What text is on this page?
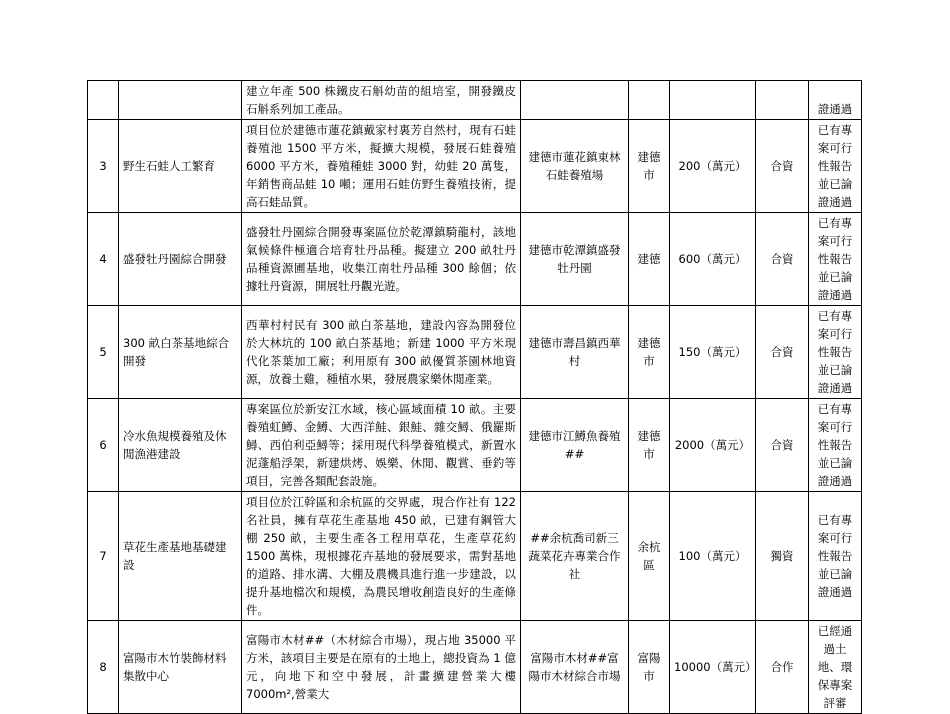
		建立年產 500 株鐵皮石斛幼苗的組培室，開發鐵皮石斛系列加工產品。					證通過
3	野生石蛙人工繁育	項目位於建德市蓮花鎮戴家村裏芳自然村，現有石蛙養殖池 1500 平方米，擬擴大規模，發展石蛙養殖 6000 平方米，養殖種蛙 3000 對，幼蛙 20 萬隻，年銷售商品蛙 10 噸；運用石蛙仿野生養殖技術，提高石蛙品質。	建德市蓮花鎮東林石蛙養殖場	建德市	200（萬元）	合資	已有專案可行性報告並已論證通過
4	盛發牡丹園綜合開發	盛發牡丹園綜合開發專案區位於乾潭鎮騎龍村，該地氣候條件極適合培育牡丹品種。擬建立 200 畝牡丹品種資源圃基地，收集江南牡丹品種 300 餘個；依據牡丹資源，開展牡丹觀光遊。	建德市乾潭鎮盛發牡丹園	建德	600（萬元）	合資	已有專案可行性報告並已論證通過
5	300 畝白茶基地綜合開發	西華村村民有 300 畝白茶基地，建設內容為開發位於大林坑的 100 畝白茶基地；新建 1000 平方米現代化茶葉加工廠；利用原有 300 畝優質茶園林地資源，放養土雞，種植水果，發展農家樂休閒產業。	建德市壽昌鎮西華村	建德市	150（萬元）	合資	已有專案可行性報告並已論證通過
6	冷水魚規模養殖及休閒漁港建設	專案區位於新安江水域，核心區域面積 10 畝。主要養殖虹鱒、金鱒、大西洋鮭、銀鮭、雜交鱘、俄羅斯鱘、西伯利亞鱘等；採用現代科學養殖模式，新置水泥蓬船浮架，新建烘烤、娛樂、休閒、觀賞、垂釣等項目，完善各類配套設施。	建德市江鱒魚養殖##	建德市	2000（萬元）	合資	已有專案可行性報告並已論證通過
7	草花生產基地基礎建設	項目位於江幹區和余杭區的交界處，現合作社有 122 名社員，擁有草花生產基地 450 畝，已建有鋼管大棚 250 畝，主要生產各工程用草花，生產草花約 1500 萬株，現根據花卉基地的發展要求，需對基地的道路、排水溝、大棚及農機具進行進一步建設，以提升基地檔次和規模，為農民增收創造良好的生產條件。	##余杭喬司新三蔬菜花卉專業合作社	余杭區	100（萬元）	獨資	已有專案可行性報告並已論證通過
8	富陽市木竹裝飾材料集散中心	富陽市木材##（木材綜合市場），現占地 35000 平方米，該項目主要是在原有的土地上，總投資為 1 億元，向地下和空中發展，計畫擴建營業大樓 7000m²,營業大	富陽市木材##富陽市木材綜合市場	富陽市	10000（萬元）	合作	已經通過土地、環保專案評審
